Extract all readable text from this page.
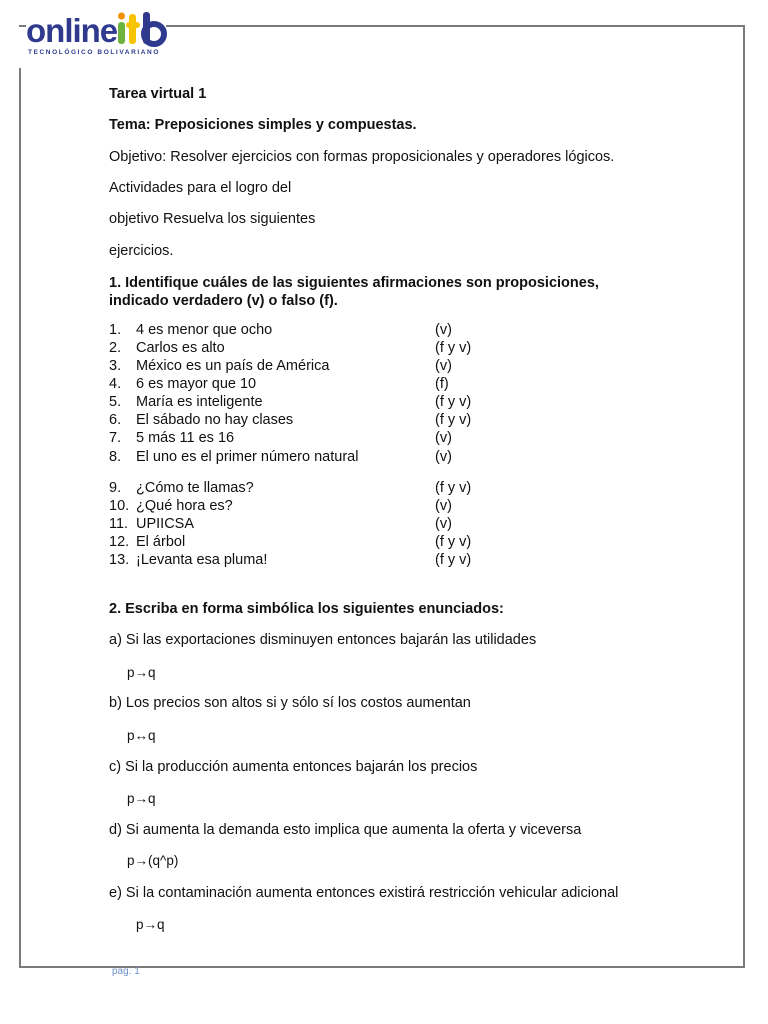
online
TECNOLÓGICO BOLIVARIANO
Tarea virtual 1
Tema: Preposiciones simples y compuestas.
Objetivo: Resolver ejercicios con formas proposicionales y operadores lógicos.
Actividades para el logro del
objetivo Resuelva los siguientes
ejercicios.
1. Identifique cuáles de las siguientes afirmaciones son proposiciones,
indicado verdadero (v) o falso (f).
1. 4 es menor que ocho	(v)
2. Carlos es alto	(f y v)
3. México es un país de América	(v)
4. 6 es mayor que 10	(f)
5. María es inteligente	(f y v)
6. El sábado no hay clases	(f y v)
7. 5 más 11 es 16	(v)
8. El uno es el primer número natural	(v)
9. ¿Cómo te llamas?	(f y v)
10. ¿Qué hora es?	(v)
11. UPIICSA	(v)
12. El árbol	(f y v)
13. ¡Levanta esa pluma!	(f y v)
2. Escriba en forma simbólica los siguientes enunciados:
a) Si las exportaciones disminuyen entonces bajarán las utilidades
p→q
b) Los precios son altos si y sólo sí los costos aumentan
p↔q
c) Si la producción aumenta entonces bajarán los precios
p→q
d) Si aumenta la demanda esto implica que aumenta la oferta y viceversa
p→(q^p)
e) Si la contaminación aumenta entonces existirá restricción vehicular adicional
p→q
pág. 1
